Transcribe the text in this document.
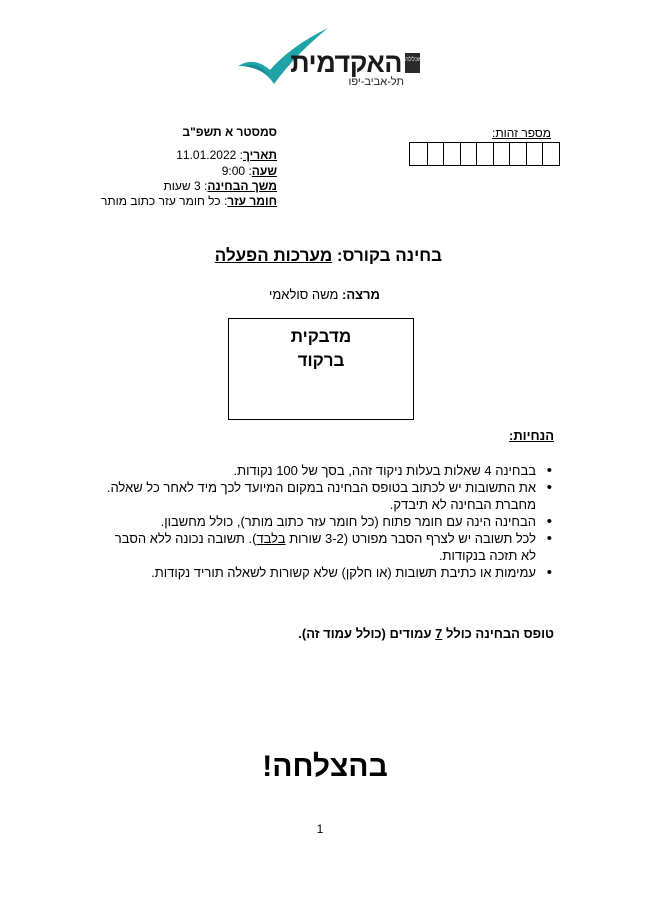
האקדמית מכללה
תל-אביב-יפו
סמסטר א תשפ"ב
תאריך: 11.01.2022
שעה: 9:00
משך הבחינה: 3 שעות
חומר עזר: כל חומר עזר כתוב מותר
מספר זהות:
בחינה בקורס: מערכות הפעלה
מרצה: משה סולאמי
מדבקית
ברקוד
הנחיות:
• בבחינה 4 שאלות בעלות ניקוד זהה, בסך של 100 נקודות.
• את התשובות יש לכתוב בטופס הבחינה במקום המיועד לכך מיד לאחר כל שאלה. מחברת הבחינה לא תיבדק.
• הבחינה הינה עם חומר פתוח (כל חומר עזר כתוב מותר), כולל מחשבון.
• לכל תשובה יש לצרף הסבר מפורט (3-2 שורות בלבד). תשובה נכונה ללא הסבר לא תזכה בנקודות.
• עמימות או כתיבת תשובות (או חלקן) שלא קשורות לשאלה תוריד נקודות.
טופס הבחינה כולל 7 עמודים (כולל עמוד זה).
בהצלחה!
1
